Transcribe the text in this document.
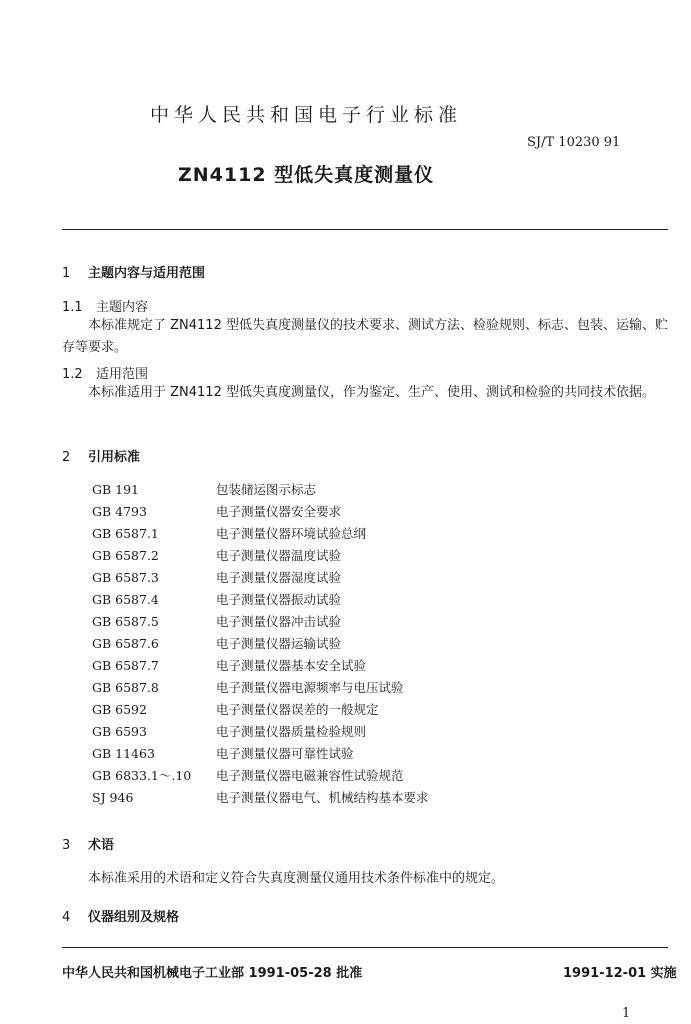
中华人民共和国电子行业标准
SJ/T 10230 91
ZN4112 型低失真度测量仪
1 主题内容与适用范围
1.1 主题内容
本标准规定了 ZN4112 型低失真度测量仪的技术要求、测试方法、检验规则、标志、包装、运输、贮存等要求。
1.2 适用范围
本标准适用于 ZN4112 型低失真度测量仪，作为鉴定、生产、使用、测试和检验的共同技术依据。
2 引用标准
GB 191	包装储运图示标志
GB 4793	电子测量仪器安全要求
GB 6587.1	电子测量仪器环境试验总纲
GB 6587.2	电子测量仪器温度试验
GB 6587.3	电子测量仪器湿度试验
GB 6587.4	电子测量仪器振动试验
GB 6587.5	电子测量仪器冲击试验
GB 6587.6	电子测量仪器运输试验
GB 6587.7	电子测量仪器基本安全试验
GB 6587.8	电子测量仪器电源频率与电压试验
GB 6592	电子测量仪器误差的一般规定
GB 6593	电子测量仪器质量检验规则
GB 11463	电子测量仪器可靠性试验
GB 6833.1～.10 电子测量仪器电磁兼容性试验规范
SJ 946	电子测量仪器电气、机械结构基本要求
3 术语
本标准采用的术语和定义符合失真度测量仪通用技术条件标准中的规定。
4 仪器组别及规格
中华人民共和国机械电子工业部 1991-05-28 批准	1991-12-01 实施
1
